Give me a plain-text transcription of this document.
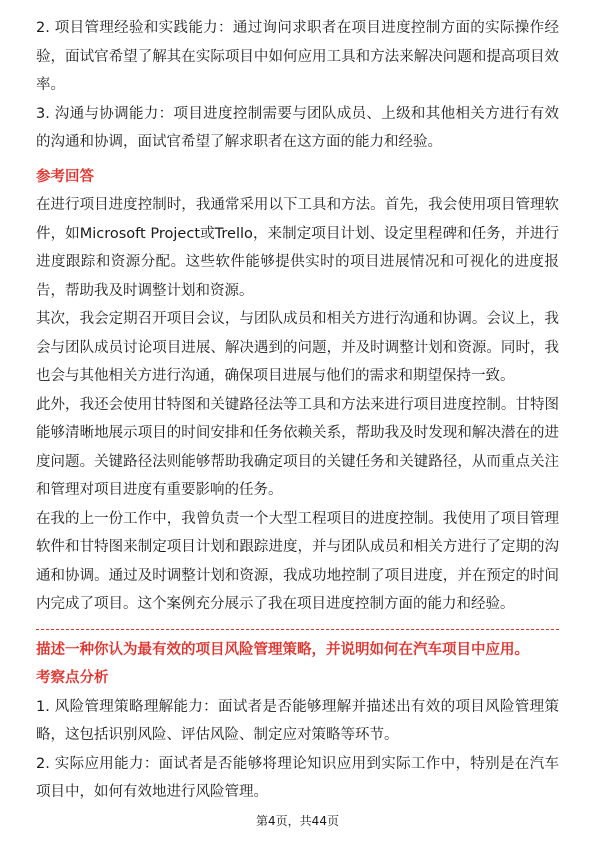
2. 项目管理经验和实践能力：通过询问求职者在项目进度控制方面的实际操作经验，面试官希望了解其在实际项目中如何应用工具和方法来解决问题和提高项目效率。

3. 沟通与协调能力：项目进度控制需要与团队成员、上级和其他相关方进行有效的沟通和协调，面试官希望了解求职者在这方面的能力和经验。

参考回答

在进行项目进度控制时，我通常采用以下工具和方法。首先，我会使用项目管理软件，如Microsoft Project或Trello，来制定项目计划、设定里程碑和任务，并进行进度跟踪和资源分配。这些软件能够提供实时的项目进展情况和可视化的进度报告，帮助我及时调整计划和资源。

其次，我会定期召开项目会议，与团队成员和相关方进行沟通和协调。会议上，我会与团队成员讨论项目进展、解决遇到的问题，并及时调整计划和资源。同时，我也会与其他相关方进行沟通，确保项目进展与他们的需求和期望保持一致。

此外，我还会使用甘特图和关键路径法等工具和方法来进行项目进度控制。甘特图能够清晰地展示项目的时间安排和任务依赖关系，帮助我及时发现和解决潜在的进度问题。关键路径法则能够帮助我确定项目的关键任务和关键路径，从而重点关注和管理对项目进度有重要影响的任务。

在我的上一份工作中，我曾负责一个大型工程项目的进度控制。我使用了项目管理软件和甘特图来制定项目计划和跟踪进度，并与团队成员和相关方进行了定期的沟通和协调。通过及时调整计划和资源，我成功地控制了项目进度，并在预定的时间内完成了项目。这个案例充分展示了我在项目进度控制方面的能力和经验。

描述一种你认为最有效的项目风险管理策略，并说明如何在汽车项目中应用。

考察点分析

1. 风险管理策略理解能力：面试者是否能够理解并描述出有效的项目风险管理策略，这包括识别风险、评估风险、制定应对策略等环节。

2. 实际应用能力：面试者是否能够将理论知识应用到实际工作中，特别是在汽车项目中，如何有效地进行风险管理。

第4页，共44页
